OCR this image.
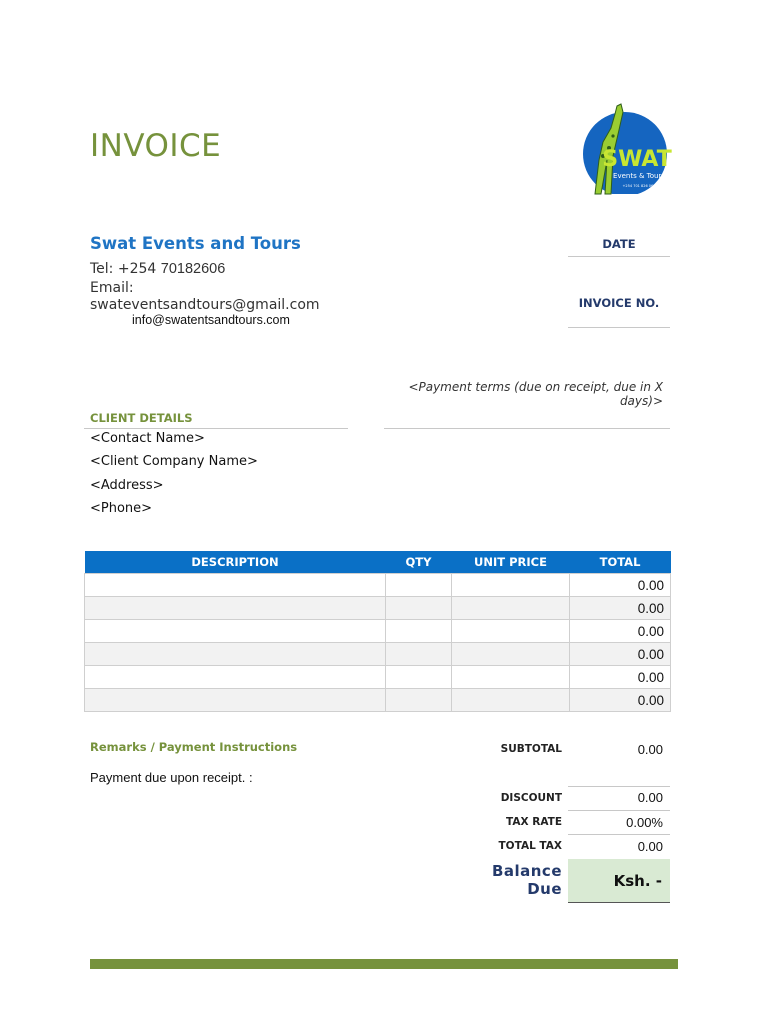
INVOICE	SWAT
Events & Tours
+254 701 826 067
Swat Events and Tours
Tel: +254 70182606
Email:
swateventsandtours@gmail.com
info@swatentsandtours.com
DATE
INVOICE NO.
<Payment terms (due on receipt, due in X days)>
CLIENT DETAILS
<Contact Name>
<Client Company Name>
<Address>
<Phone>
DESCRIPTION	QTY	UNIT PRICE	TOTAL
			0.00
			0.00
			0.00
			0.00
			0.00
			0.00
Remarks / Payment Instructions
Payment due upon receipt. :
SUBTOTAL	0.00
DISCOUNT	0.00
TAX RATE	0.00%
TOTAL TAX	0.00
Balance
Due	Ksh. -
